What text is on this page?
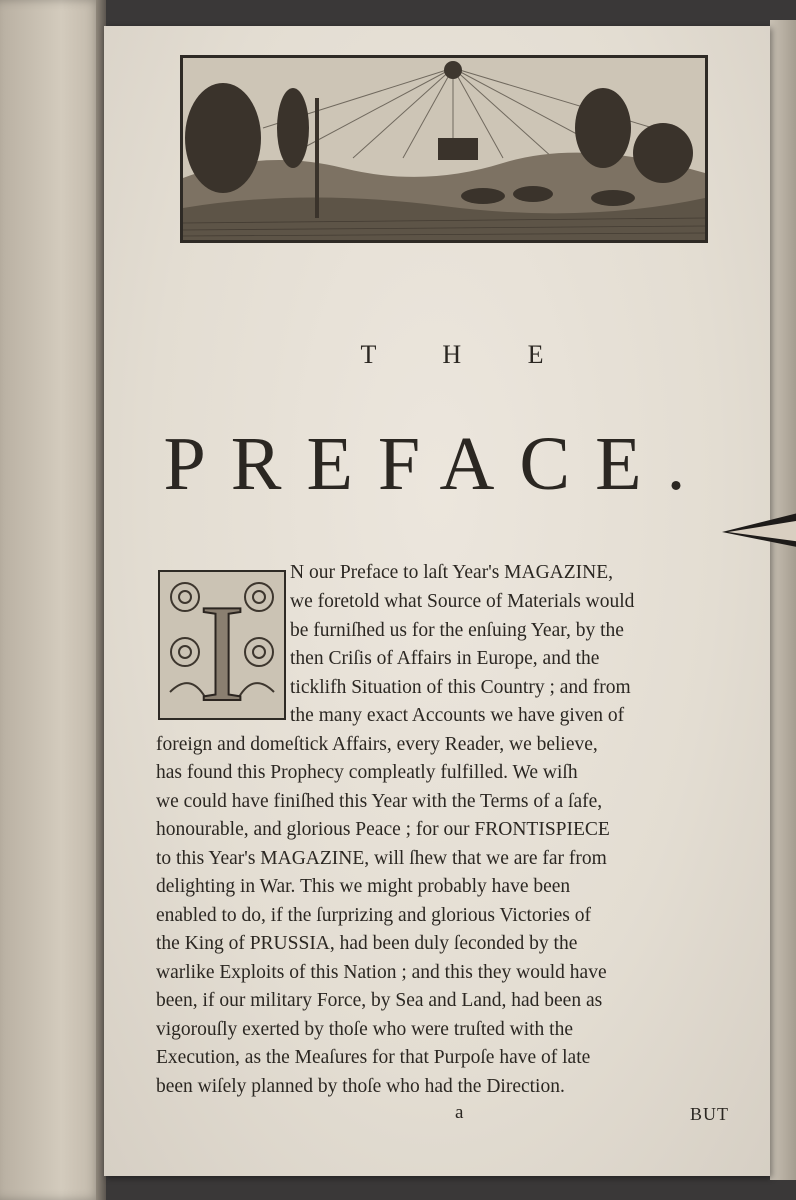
T H E
PREFACE.
I
N our Preface to laſt Year's MAGAZINE,
we foretold what Source of Materials would
be furniſhed us for the enſuing Year, by the
then Criſis of Affairs in Europe, and the
ticklifh Situation of this Country ; and from
the many exact Accounts we have given of
foreign and domeſtick Affairs, every Reader, we believe,
has found this Prophecy compleatly fulfilled. We wiſh
we could have finiſhed this Year with the Terms of a ſafe,
honourable, and glorious Peace ; for our FRONTISPIECE
to this Year's MAGAZINE, will ſhew that we are far from
delighting in War. This we might probably have been
enabled to do, if the ſurprizing and glorious Victories of
the King of PRUSSIA, had been duly ſeconded by the
warlike Exploits of this Nation ; and this they would have
been, if our military Force, by Sea and Land, had been as
vigorouſly exerted by thoſe who were truſted with the
Execution, as the Meaſures for that Purpoſe have of late
been wiſely planned by thoſe who had the Direction.
a	BUT
